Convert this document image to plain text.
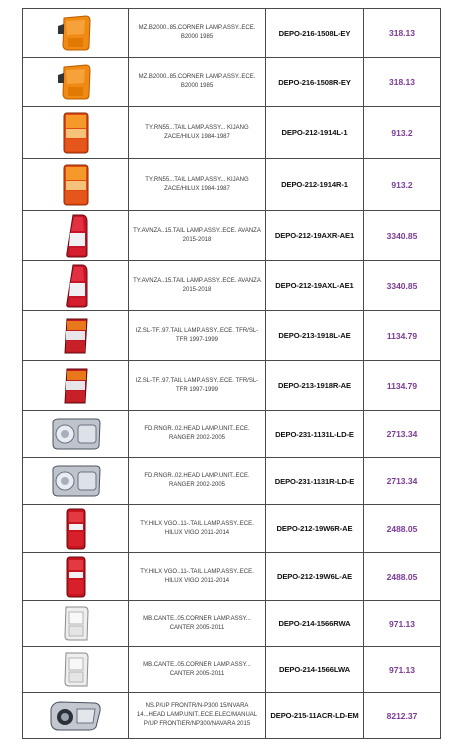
MZ.B2000..85.CORNER LAMP.ASSY..ECE. B2000 1985	DEPO-216-1508L-EY	318.13

MZ.B2000..85.CORNER LAMP.ASSY..ECE. B2000 1985	DEPO-216-1508R-EY	318.13

TY.RN55...TAIL LAMP.ASSY... KIJANG ZACE/HILUX 1984-1987	DEPO-212-1914L-1	913.2

TY.RN55...TAIL LAMP.ASSY... KIJANG ZACE/HILUX 1984-1987	DEPO-212-1914R-1	913.2

TY.AVNZA..15.TAIL LAMP.ASSY..ECE. AVANZA 2015-2018	DEPO-212-19AXR-AE1	3340.85

TY.AVNZA..15.TAIL LAMP.ASSY..ECE. AVANZA 2015-2018	DEPO-212-19AXL-AE1	3340.85

IZ.SL-TF..97.TAIL LAMP.ASSY..ECE. TFR/SL-TFR 1997-1999	DEPO-213-1918L-AE	1134.79

IZ.SL-TF..97.TAIL LAMP.ASSY..ECE. TFR/SL-TFR 1997-1999	DEPO-213-1918R-AE	1134.79

FD.RNGR..02.HEAD LAMP.UNIT..ECE. RANGER 2002-2005	DEPO-231-1131L-LD-E	2713.34

FD.RNGR..02.HEAD LAMP.UNIT..ECE. RANGER 2002-2005	DEPO-231-1131R-LD-E	2713.34

TY.HILX VGO..11-.TAIL LAMP.ASSY..ECE. HILUX VIGO 2011-2014	DEPO-212-19W6R-AE	2488.05

TY.HILX VGO..11-.TAIL LAMP.ASSY..ECE. HILUX VIGO 2011-2014	DEPO-212-19W6L-AE	2488.05

MB.CANTE..05.CORNER LAMP.ASSY... CANTER 2005-2011	DEPO-214-1566RWA	971.13

MB.CANTE..05.CORNER LAMP.ASSY... CANTER 2005-2011	DEPO-214-1566LWA	971.13

NS.P/UP FRONTR/N-P300 15/NVARA 14...HEAD LAMP.UNIT..ECE.ELEC/MANUAL P/UP FRONTIER/NP300/NAVARA 2015	DEPO-215-11ACR-LD-EM	8212.37
